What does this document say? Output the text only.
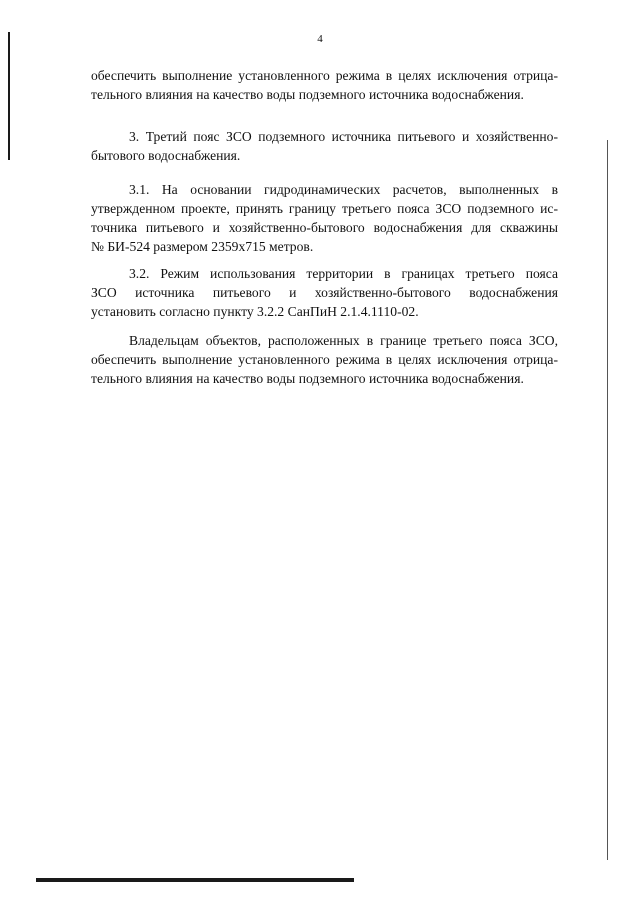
4
обеспечить выполнение установленного режима в целях исключения отрица-
тельного влияния на качество воды подземного источника водоснабжения.
3. Третий пояс ЗСО подземного источника питьевого и хозяйственно-
бытового водоснабжения.
3.1. На основании гидродинамических расчетов, выполненных в
утвержденном проекте, принять границу третьего пояса ЗСО подземного ис-
точника питьевого и хозяйственно-бытового водоснабжения для скважины
№ БИ-524 размером 2359x715 метров.
3.2. Режим использования территории в границах третьего пояса
ЗСО источника питьевого и хозяйственно-бытового водоснабжения
установить согласно пункту 3.2.2 СанПиН 2.1.4.1110-02.
Владельцам объектов, расположенных в границе третьего пояса ЗСО,
обеспечить выполнение установленного режима в целях исключения отрица-
тельного влияния на качество воды подземного источника водоснабжения.
